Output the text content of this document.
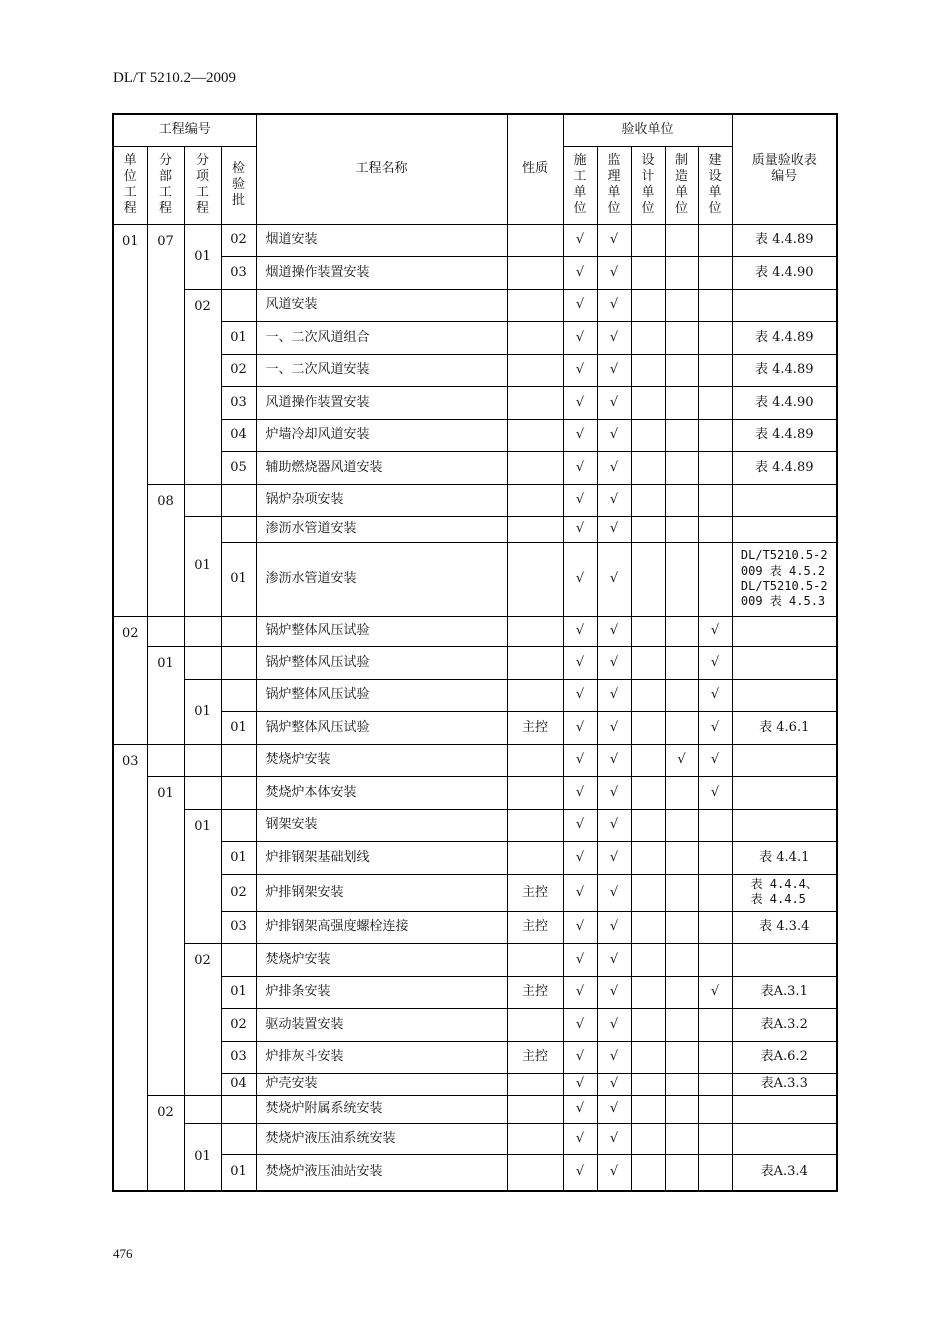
DL/T 5210.2—2009
工程编号				工程名称	性质	验收单位					质量验收表编号
单位工程	分部工程	分项工程	检验批			施工单位	监理单位	设计单位	制造单位	建设单位	
01	07	01	02	烟道安装		√	√				表 4.4.89
			03	烟道操作装置安装		√	√				表 4.4.90
		02		风道安装		√	√				
			01	一、二次风道组合		√	√				表 4.4.89
			02	一、二次风道安装		√	√				表 4.4.89
			03	风道操作装置安装		√	√				表 4.4.90
			04	炉墙冷却风道安装		√	√				表 4.4.89
			05	辅助燃烧器风道安装		√	√				表 4.4.89
	08			锅炉杂项安装		√	√				
		01		渗沥水管道安装		√	√				
			01	渗沥水管道安装		√	√				DL/T5210.5-2
009 表 4.5.2
DL/T5210.5-2
009 表 4.5.3

02				锅炉整体风压试验		√	√			√	
	01			锅炉整体风压试验		√	√			√	
		01		锅炉整体风压试验		√	√			√	
			01	锅炉整体风压试验	主控	√	√			√	表 4.6.1
03				焚烧炉安装		√	√		√	√	
	01			焚烧炉本体安装		√	√			√	
		01		钢架安装		√	√				
			01	炉排钢架基础划线		√	√				表 4.4.1
			02	炉排钢架安装	主控	√	√				表 4.4.4、
表 4.4.5

			03	炉排钢架高强度螺栓连接	主控	√	√				表 4.3.4
		02		焚烧炉安装		√	√				
			01	炉排条安装	主控	√	√			√	表A.3.1
			02	驱动装置安装		√	√				表A.3.2
			03	炉排灰斗安装	主控	√	√				表A.6.2
			04	炉壳安装		√	√				表A.3.3
	02			焚烧炉附属系统安装		√	√				
		01		焚烧炉液压油系统安装		√	√				
			01	焚烧炉液压油站安装		√	√				表A.3.4
476
